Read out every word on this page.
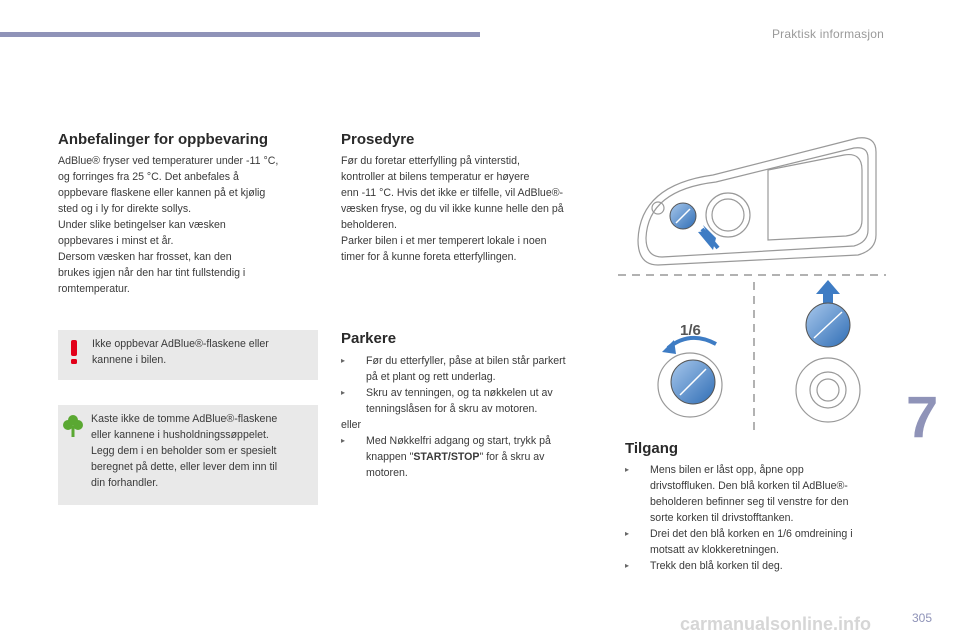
Praktisk informasjon
Anbefalinger for oppbevaring
AdBlue® fryser ved temperaturer under -11 °C,
og forringes fra 25 °C. Det anbefales å
oppbevare flaskene eller kannen på et kjølig
sted og i ly for direkte sollys.
Under slike betingelser kan væsken
oppbevares i minst et år.
Dersom væsken har frosset, kan den
brukes igjen når den har tint fullstendig i
romtemperatur.
Ikke oppbevar AdBlue®-flaskene eller
kannene i bilen.
Kaste ikke de tomme AdBlue®-flaskene
eller kannene i husholdningssøppelet.
Legg dem i en beholder som er spesielt
beregnet på dette, eller lever dem inn til
din forhandler.
Prosedyre
Før du foretar etterfylling på vinterstid,
kontroller at bilens temperatur er høyere
enn -11 °C. Hvis det ikke er tilfelle, vil AdBlue®-
væsken fryse, og du vil ikke kunne helle den på
beholderen.
Parker bilen i et mer temperert lokale i noen
timer for å kunne foreta etterfyllingen.
Parkere
▸ Før du etterfyller, påse at bilen står parkert
på et plant og rett underlag.
▸ Skru av tenningen, og ta nøkkelen ut av
tenningslåsen for å skru av motoren.
eller
▸ Med Nøkkelfri adgang og start, trykk på
knappen "START/STOP" for å skru av
motoren.
1/6
Tilgang
▸ Mens bilen er låst opp, åpne opp
drivstoffluken. Den blå korken til AdBlue®-
beholderen befinner seg til venstre for den
sorte korken til drivstofftanken.
▸ Drei det den blå korken en 1/6 omdreining i
motsatt av klokkeretningen.
▸ Trekk den blå korken til deg.
7
carmanualsonline.info	305
